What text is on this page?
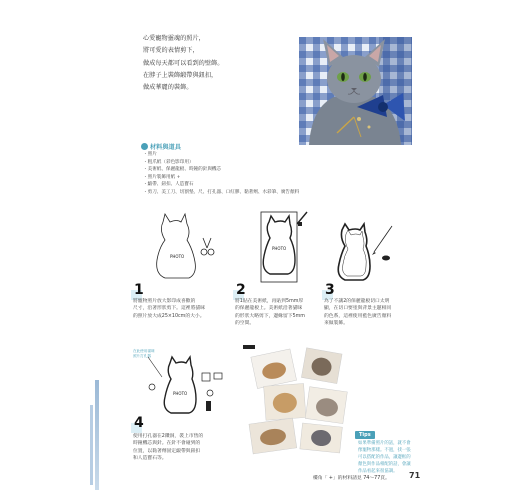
心愛寵物靈魂的照片，
將可愛的表情剪下，
做成每天都可以看到的壁飾。
在脖子上裝飾緞帶與鈕扣，
做成華麗的裝飾。
材料與道具
・照片
・粗爪紙（彩色影印用）
・美術紙、保麗龍板、時鐘的針與機芯
・照片裝飾用紙 +
・緞帶、鈕扣、人造寶石
・剪刀、美工刀、切割墊、尺、打孔器、口紅膠、黏著劑、水彩筆、廣告顏料
PHOTO
PHOTO
1	2	3
將寵物照片放大影印成喜歡的
尺寸，沿著形狀剪下。這裡將貓咪
的照片放大成25×10cm的大小。
將1貼在美術紙，再貼到5mm厚
的保麗龍板上。美術紙沿著貓咪
的形狀大略剪下，邊緣留下5mm
的空間。
為了不讓2的保麗龍板切口太明
顯，在切口要塗與背景主題相同
的色系，這裡使用藍色廣告顏料
來做裝飾。
在此使用貓咪
照片打孔器
PHOTO
4
使用打孔器在2鑽洞，裝上市售的
時鐘機芯與針。在針不會碰到的
位置，以黏著劑固定緞帶與鈕扣
和人造寶石等。
Tips
如果準備照片的話，就不會
像寵物那樣。不過，找一張
可以搭配的作品，讓邊框的
顏色與作品相配的話，會讓
作品看起來很協調。
樓角「 +」的材料請見 74～77頁。 71
